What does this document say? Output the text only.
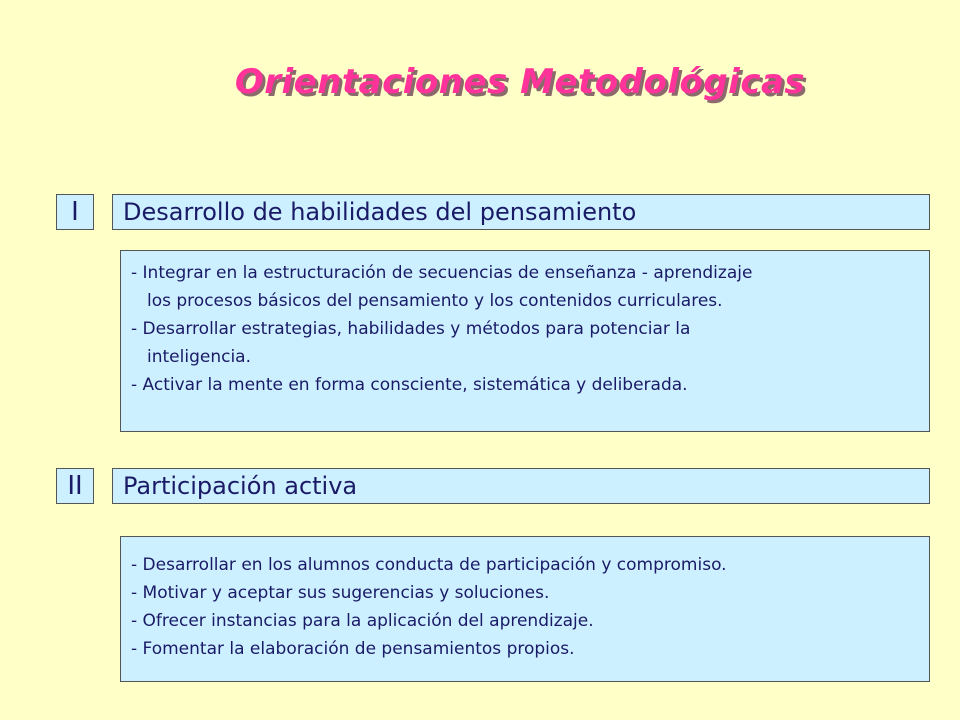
Orientaciones Metodológicas
I	Desarrollo de habilidades del pensamiento
- Integrar en la estructuración de secuencias de enseñanza - aprendizaje
los procesos básicos del pensamiento y los contenidos curriculares.
- Desarrollar estrategias, habilidades y métodos para potenciar la
inteligencia.
- Activar la mente en forma consciente, sistemática y deliberada.
II	Participación activa
- Desarrollar en los alumnos conducta de participación y compromiso.
- Motivar y aceptar sus sugerencias y soluciones.
- Ofrecer instancias para la aplicación del aprendizaje.
- Fomentar la elaboración de pensamientos propios.
